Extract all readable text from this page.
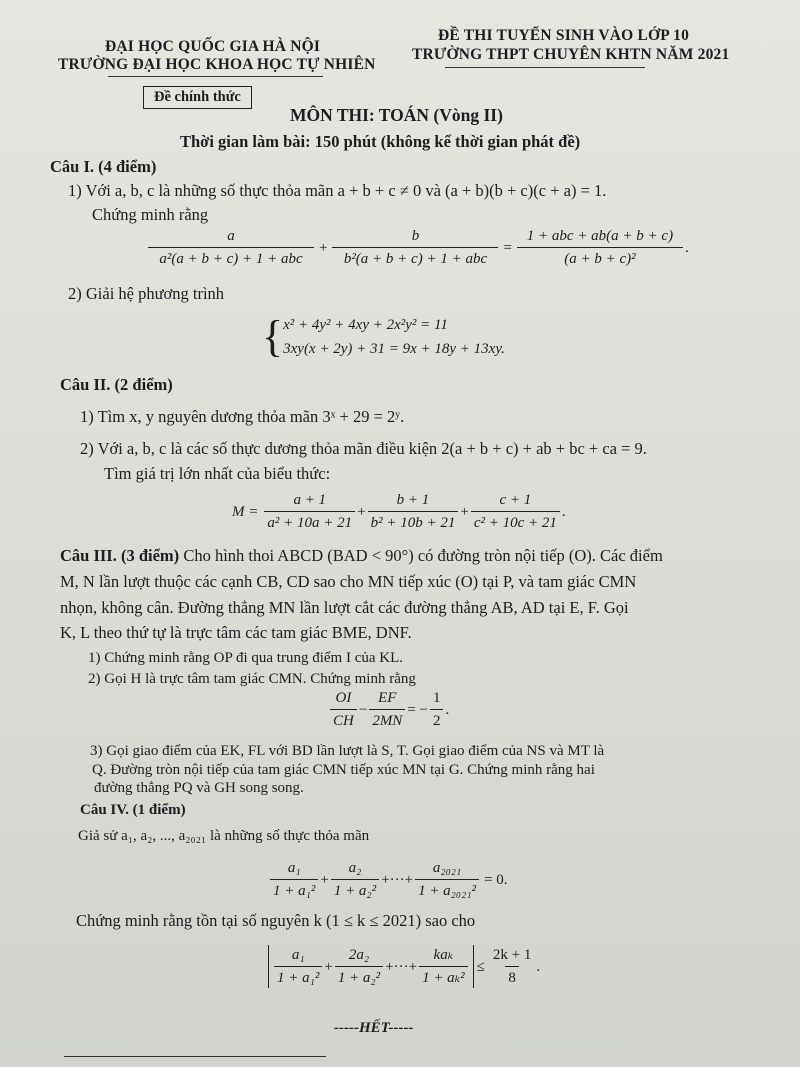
ĐẠI HỌC QUỐC GIA HÀ NỘI
TRƯỜNG ĐẠI HỌC KHOA HỌC TỰ NHIÊN
ĐỀ THI TUYỂN SINH VÀO LỚP 10
TRƯỜNG THPT CHUYÊN KHTN NĂM 2021
Đề chính thức
MÔN THI: TOÁN (Vòng II)
Thời gian làm bài: 150 phút (không kể thời gian phát đề)
Câu I. (4 điểm)
1) Với a, b, c là những số thực thỏa mãn a + b + c ≠ 0 và (a + b)(b + c)(c + a) = 1.
Chứng minh rằng
$\frac{a}{\text{a²(a + b + c) + 1 + abc}} + \frac{b}{\text{b²(a + b + c) + 1 + abc}} = \frac{\text{1 + abc + ab(a + b + c)}}{\text{(a + b + c)²}}$ .
2) Giải hệ phương trình
{ x² + 4y² + 4xy + 2x²y² = 11
3xy(x + 2y) + 31 = 9x + 18y + 13xy.
Câu II. (2 điểm)
1) Tìm x, y nguyên dương thỏa mãn 3ˣ + 29 = 2ʸ.
2) Với a, b, c là các số thực dương thỏa mãn điều kiện 2(a + b + c) + ab + bc + ca = 9.
Tìm giá trị lớn nhất của biểu thức:
$M = \frac{a + 1}{\text{a² + 10a + 21}} + \frac{b + 1}{\text{b² + 10b + 21}} + \frac{c + 1}{\text{c² + 10c + 21}}$ .
Câu III. (3 điểm) Cho hình thoi ABCD (BAD < 90°) có đường tròn nội tiếp (O). Các điểm
M, N lần lượt thuộc các cạnh CB, CD sao cho MN tiếp xúc (O) tại P, và tam giác CMN
nhọn, không cân. Đường thẳng MN lần lượt cắt các đường thẳng AB, AD tại E, F. Gọi
K, L theo thứ tự là trực tâm các tam giác BME, DNF.
1) Chứng minh rằng OP đi qua trung điểm I của KL.
2) Gọi H là trực tâm tam giác CMN. Chứng minh rằng
$\frac{OI}{CH} - \frac{EF}{2MN}$ = − $\frac{1}{2}$ .
3) Gọi giao điểm của EK, FL với BD lần lượt là S, T. Gọi giao điểm của NS và MT là
Q. Đường tròn nội tiếp của tam giác CMN tiếp xúc MN tại G. Chứng minh rằng hai
đường thẳng PQ và GH song song.
Câu IV. (1 điểm)
Giả sử a₁, a₂, ..., a₂₀₂₁ là những số thực thỏa mãn
$\frac{\text{a₁}}{\text{1 + a₁²}} + \frac{\text{a₂}}{\text{1 + a₂²}}$ +···+ $\frac{\text{a₂₀₂₁}}{\text{1 + a₂₀₂₁²}} = 0$.
Chứng minh rằng tồn tại số nguyên k (1 ≤ k ≤ 2021) sao cho
$\frac{\text{a₁}}{\text{1 + a₁²}} + \frac{\text{2a₂}}{\text{1 + a₂²}}$ +···+ $\frac{\text{kaₖ}}{\text{1 + aₖ²}} \le \frac{2k + 1}{8}$ .
-----HẾT-----
